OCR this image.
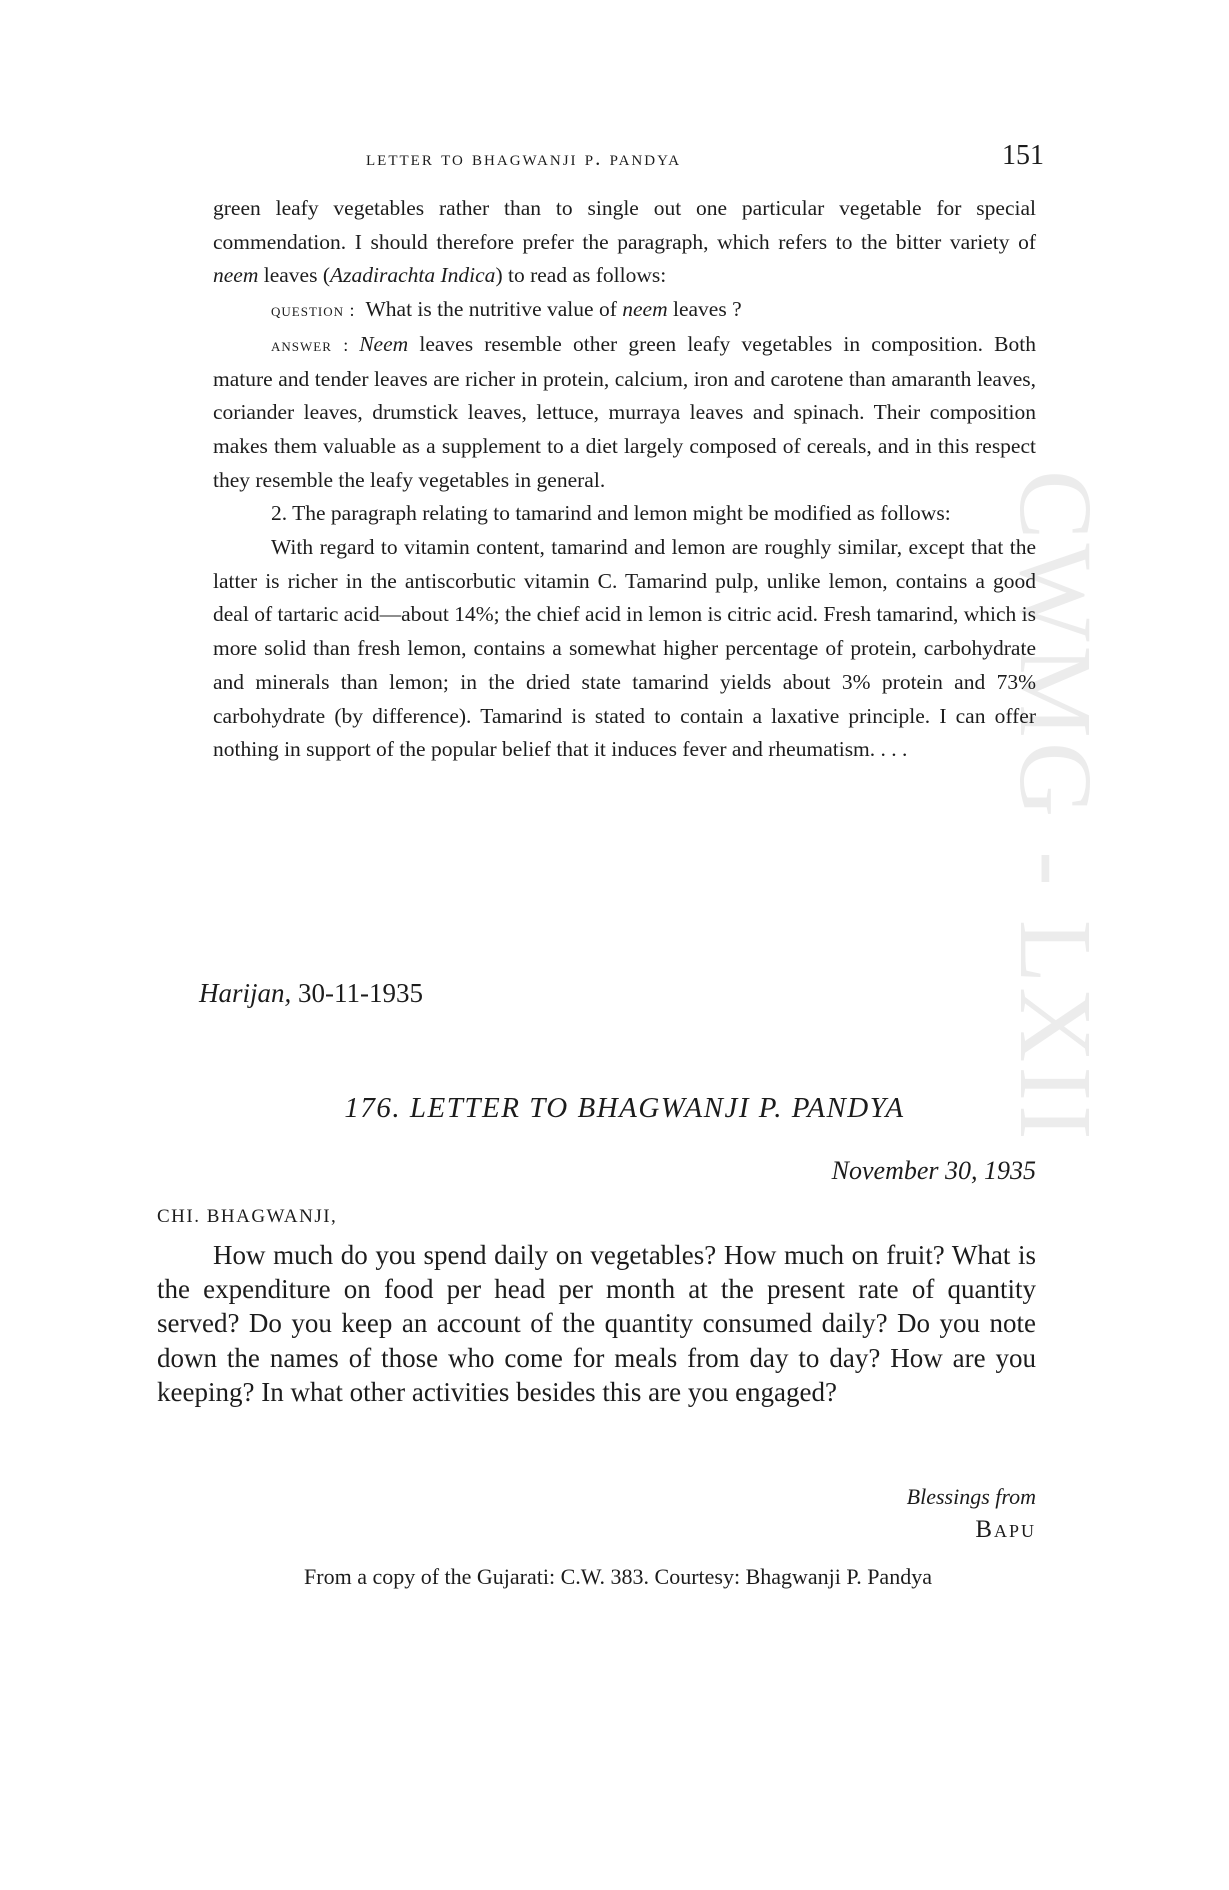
CWMG - LXII
letter to bhagwanji p. pandya	151

green leafy vegetables rather than to single out one particular vegetable for special commendation. I should therefore prefer the paragraph, which refers to the bitter variety of neem leaves (Azadirachta Indica) to read as follows:

question : What is the nutritive value of neem leaves ?

answer : Neem leaves resemble other green leafy vegetables in composition. Both mature and tender leaves are richer in protein, calcium, iron and carotene than amaranth leaves, coriander leaves, drumstick leaves, lettuce, murraya leaves and spinach. Their composition makes them valuable as a supplement to a diet largely composed of cereals, and in this respect they resemble the leafy vegetables in general.

2. The paragraph relating to tamarind and lemon might be modified as follows:

With regard to vitamin content, tamarind and lemon are roughly similar, except that the latter is richer in the antiscorbutic vitamin C. Tamarind pulp, unlike lemon, contains a good deal of tartaric acid—about 14%; the chief acid in lemon is citric acid. Fresh tamarind, which is more solid than fresh lemon, contains a somewhat higher percentage of protein, carbohydrate and minerals than lemon; in the dried state tamarind yields about 3% protein and 73% carbohydrate (by difference). Tamarind is stated to contain a laxative principle. I can offer nothing in support of the popular belief that it induces fever and rheumatism. . . .

Harijan, 30-11-1935
176. LETTER TO BHAGWANJI P. PANDYA
November 30, 1935
CHI. BHAGWANJI,

How much do you spend daily on vegetables? How much on fruit? What is the expenditure on food per head per month at the present rate of quantity served? Do you keep an account of the quantity consumed daily? Do you note down the names of those who come for meals from day to day? How are you keeping? In what other activities besides this are you engaged?

Blessings from
Bapu
From a copy of the Gujarati: C.W. 383. Courtesy: Bhagwanji P. Pandya
